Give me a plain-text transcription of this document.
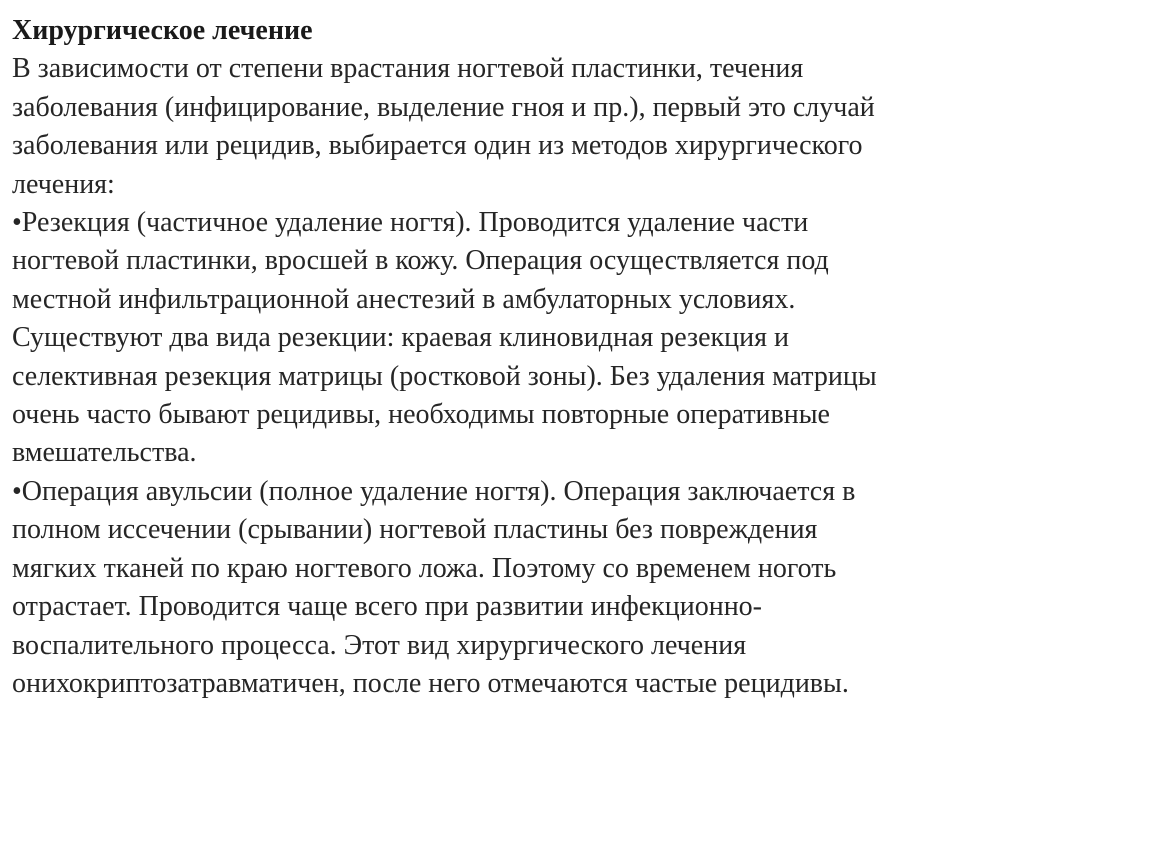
Хирургическое лечение

В зависимости от степени врастания ногтевой пластинки, течения
заболевания (инфицирование, выделение гноя и пр.), первый это случай
заболевания или рецидив, выбирается один из методов хирургического
лечения:

•Резекция (частичное удаление ногтя). Проводится удаление части
ногтевой пластинки, вросшей в кожу. Операция осуществляется под
местной инфильтрационной анестезий в амбулаторных условиях.
Существуют два вида резекции: краевая клиновидная резекция и
селективная резекция матрицы (ростковой зоны). Без удаления матрицы
очень часто бывают рецидивы, необходимы повторные оперативные
вмешательства.

•Операция авульсии (полное удаление ногтя). Операция заключается в
полном иссечении (срывании) ногтевой пластины без повреждения
мягких тканей по краю ногтевого ложа. Поэтому со временем ноготь
отрастает. Проводится чаще всего при развитии инфекционно-
воспалительного процесса. Этот вид хирургического лечения
онихокриптозатравматичен, после него отмечаются частые рецидивы.
